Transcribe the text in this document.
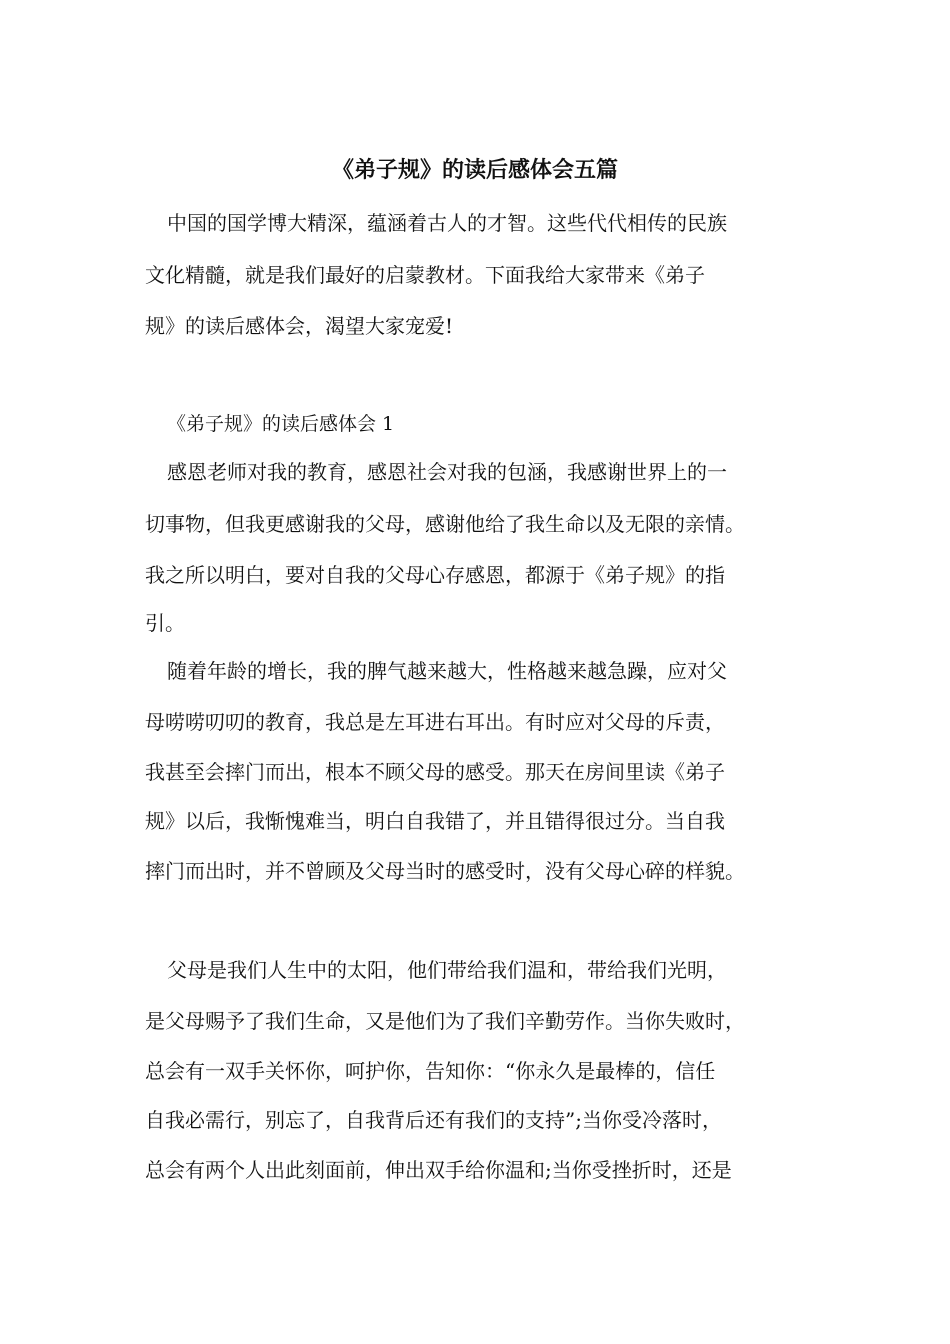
《弟子规》的读后感体会五篇

中国的国学博大精深，蕴涵着古人的才智。这些代代相传的民族

文化精髓，就是我们最好的启蒙教材。下面我给大家带来《弟子

规》的读后感体会，渴望大家宠爱!

《弟子规》的读后感体会 1

感恩老师对我的教育，感恩社会对我的包涵，我感谢世界上的一

切事物，但我更感谢我的父母，感谢他给了我生命以及无限的亲情。

我之所以明白，要对自我的父母心存感恩，都源于《弟子规》的指

引。

随着年龄的增长，我的脾气越来越大，性格越来越急躁，应对父

母唠唠叨叨的教育，我总是左耳进右耳出。有时应对父母的斥责，

我甚至会摔门而出，根本不顾父母的感受。那天在房间里读《弟子

规》以后，我惭愧难当，明白自我错了，并且错得很过分。当自我

摔门而出时，并不曾顾及父母当时的感受时，没有父母心碎的样貌。

父母是我们人生中的太阳，他们带给我们温和，带给我们光明，

是父母赐予了我们生命，又是他们为了我们辛勤劳作。当你失败时，

总会有一双手关怀你，呵护你，告知你：“你永久是最棒的，信任

自我必需行，别忘了，自我背后还有我们的支持”;当你受冷落时，

总会有两个人出此刻面前，伸出双手给你温和;当你受挫折时，还是
